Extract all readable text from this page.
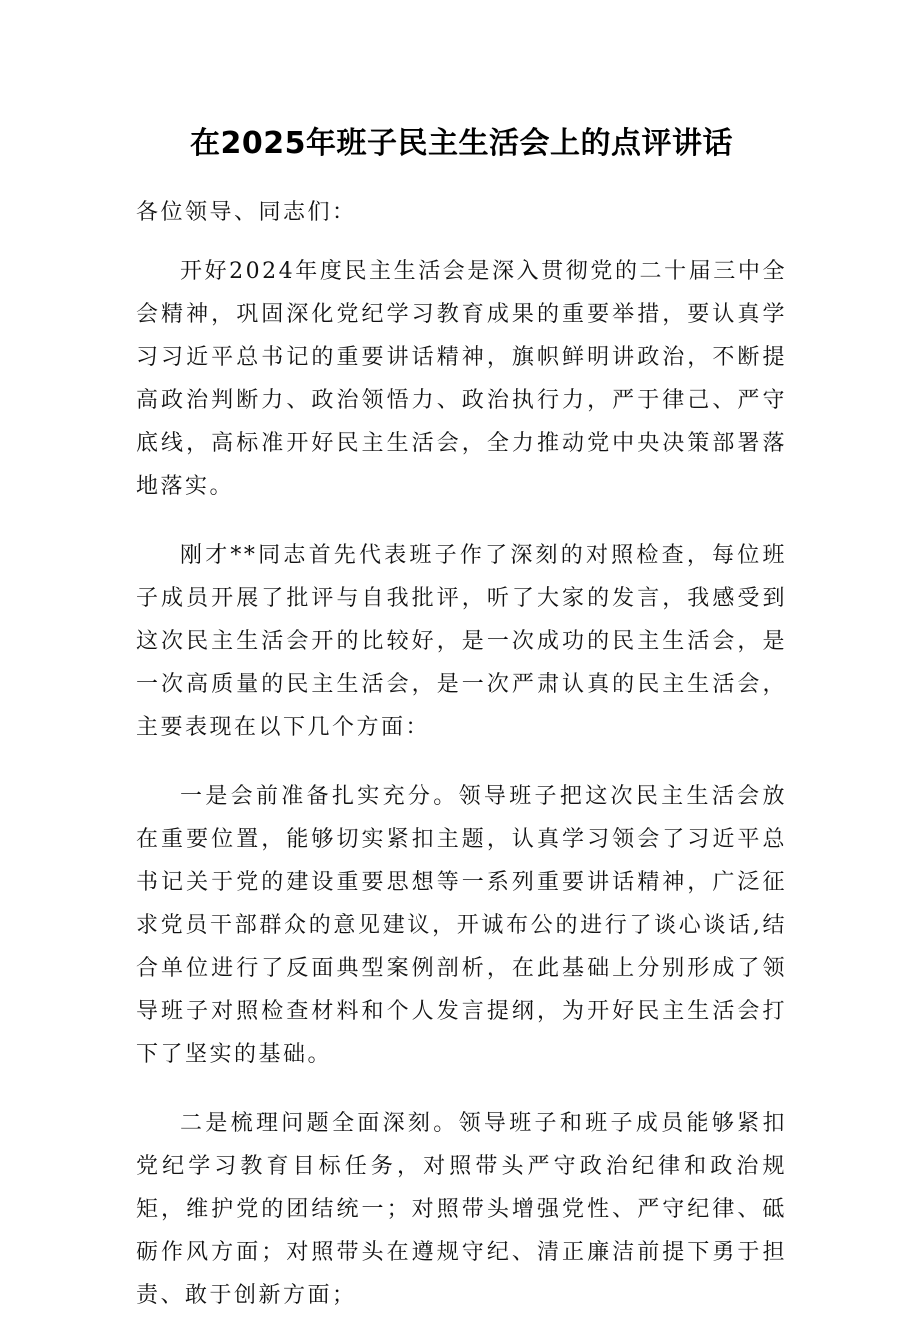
在2025年班子民主生活会上的点评讲话

各位领导、同志们：

开好2024年度民主生活会是深入贯彻党的二十届三中全会精神，巩固深化党纪学习教育成果的重要举措，要认真学习习近平总书记的重要讲话精神，旗帜鲜明讲政治，不断提高政治判断力、政治领悟力、政治执行力，严于律己、严守底线，高标准开好民主生活会，全力推动党中央决策部署落地落实。

刚才**同志首先代表班子作了深刻的对照检查，每位班子成员开展了批评与自我批评，听了大家的发言，我感受到这次民主生活会开的比较好，是一次成功的民主生活会，是一次高质量的民主生活会，是一次严肃认真的民主生活会，主要表现在以下几个方面：

一是会前准备扎实充分。领导班子把这次民主生活会放在重要位置，能够切实紧扣主题，认真学习领会了习近平总书记关于党的建设重要思想等一系列重要讲话精神，广泛征求党员干部群众的意见建议，开诚布公的进行了谈心谈话,结合单位进行了反面典型案例剖析，在此基础上分别形成了领导班子对照检查材料和个人发言提纲，为开好民主生活会打下了坚实的基础。

二是梳理问题全面深刻。领导班子和班子成员能够紧扣党纪学习教育目标任务，对照带头严守政治纪律和政治规矩，维护党的团结统一；对照带头增强党性、严守纪律、砥砺作风方面；对照带头在遵规守纪、清正廉洁前提下勇于担责、敢于创新方面；
